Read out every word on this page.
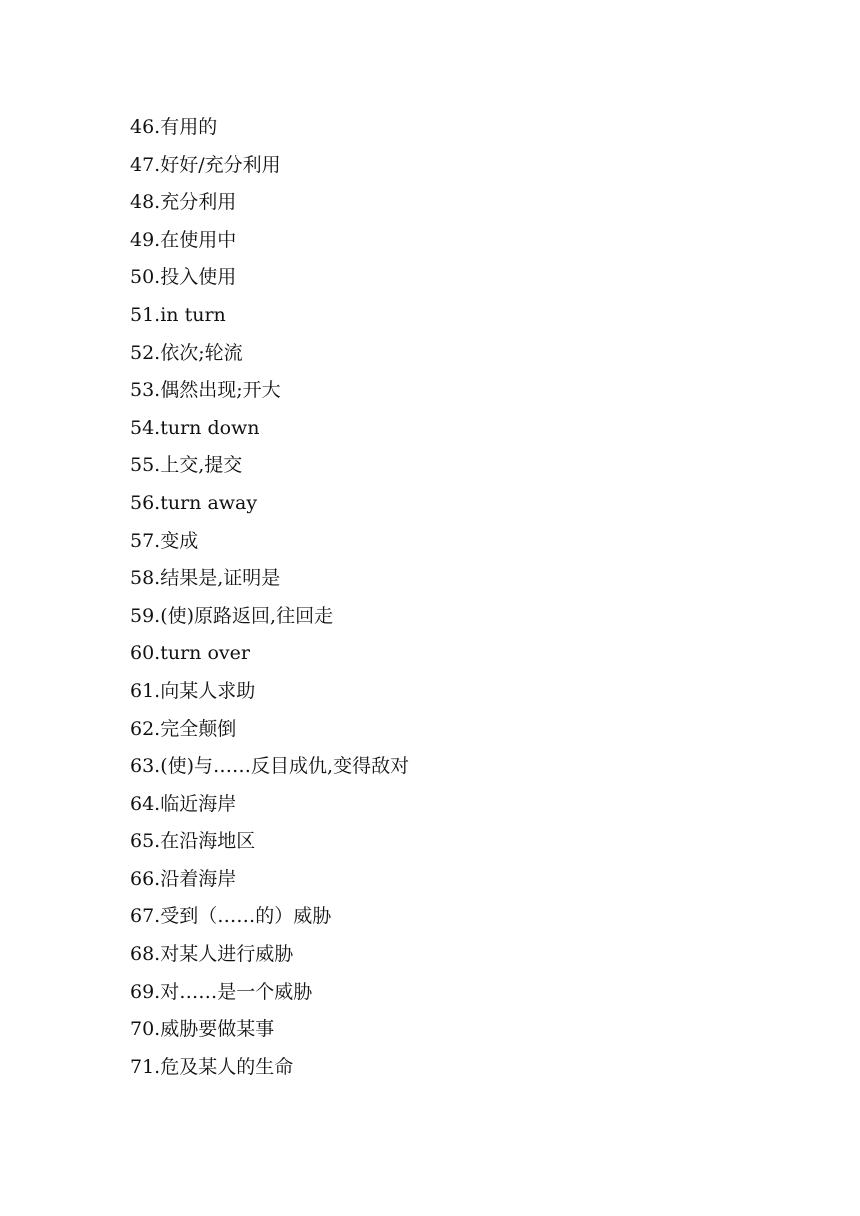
46.有用的
47.好好/充分利用
48.充分利用
49.在使用中
50.投入使用
51.in turn
52.依次;轮流
53.偶然出现;开大
54.turn down
55.上交,提交
56.turn away
57.变成
58.结果是,证明是
59.(使)原路返回,往回走
60.turn over
61.向某人求助
62.完全颠倒
63.(使)与……反目成仇,变得敌对
64.临近海岸
65.在沿海地区
66.沿着海岸
67.受到（……的）威胁
68.对某人进行威胁
69.对……是一个威胁
70.威胁要做某事
71.危及某人的生命
